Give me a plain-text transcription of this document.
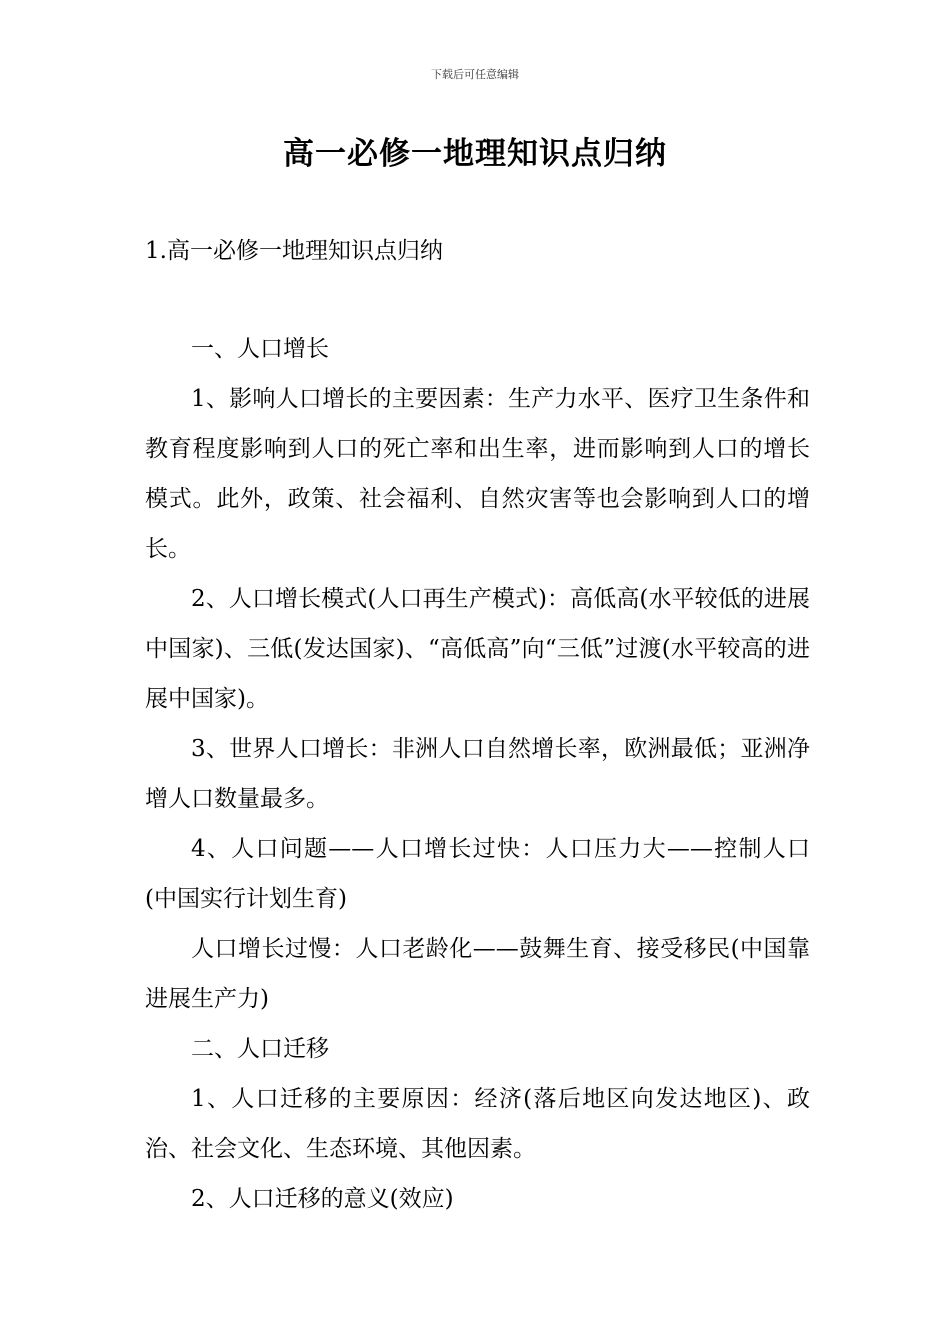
下载后可任意编辑
高一必修一地理知识点归纳
1.高一必修一地理知识点归纳

一、人口增长

1、影响人口增长的主要因素：生产力水平、医疗卫生条件和教育程度影响到人口的死亡率和出生率，进而影响到人口的增长模式。此外，政策、社会福利、自然灾害等也会影响到人口的增长。

2、人口增长模式(人口再生产模式)：高低高(水平较低的进展中国家)、三低(发达国家)、“高低高”向“三低”过渡(水平较高的进展中国家)。

3、世界人口增长：非洲人口自然增长率，欧洲最低；亚洲净增人口数量最多。

4、人口问题——人口增长过快：人口压力大——控制人口(中国实行计划生育)

人口增长过慢：人口老龄化——鼓舞生育、接受移民(中国靠进展生产力)

二、人口迁移

1、人口迁移的主要原因：经济(落后地区向发达地区)、政治、社会文化、生态环境、其他因素。

2、人口迁移的意义(效应)
